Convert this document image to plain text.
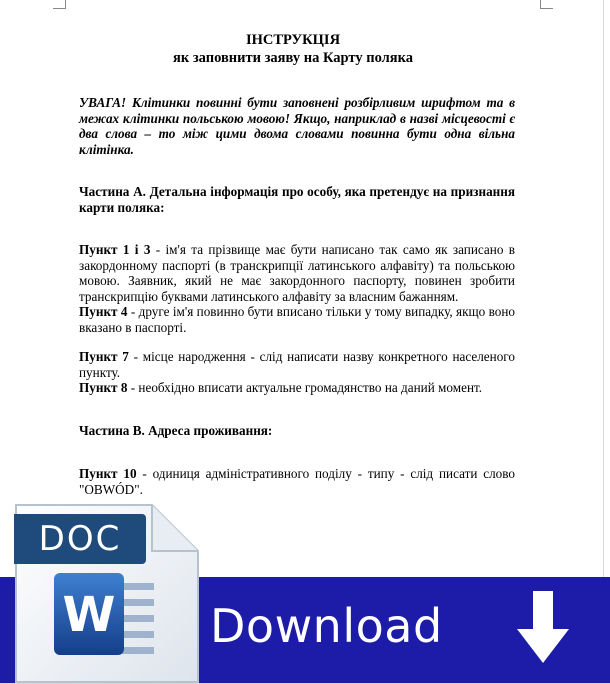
ІНСТРУКЦІЯ
як заповнити заяву на Карту поляка
УВАГА! Клітинки повинні бути заповнені розбірливим шрифтом та в межах клітинки польською мовою! Якщо, наприклад в назві місцевості є два слова – то між цими двома словами повинна бути одна вільна клітінка.
Частина А. Детальна інформація про особу, яка претендує на признання карти поляка:
Пункт 1 і 3 - ім'я та прізвище має бути написано так само як записано в закордонному паспорті (в транскрипції латинського алфавіту) та польською мовою. Заявник, який не має закордонного паспорту, повинен зробити транскрипцію буквами латинського алфавіту за власним бажанням.
Пункт 4 - друге ім'я повинно бути вписано тільки у тому випадку, якщо воно вказано в паспорті.
Пункт 7 - місце народження - слід написати назву конкретного населеного пункту.
Пункт 8 - необхідно вписати актуальне громадянство на даний момент.
Частина B. Адреса проживання:
Пункт 10 - одиниця адміністративного поділу - типу - слід писати слово "OBWÓD".
Download
W
DOC
